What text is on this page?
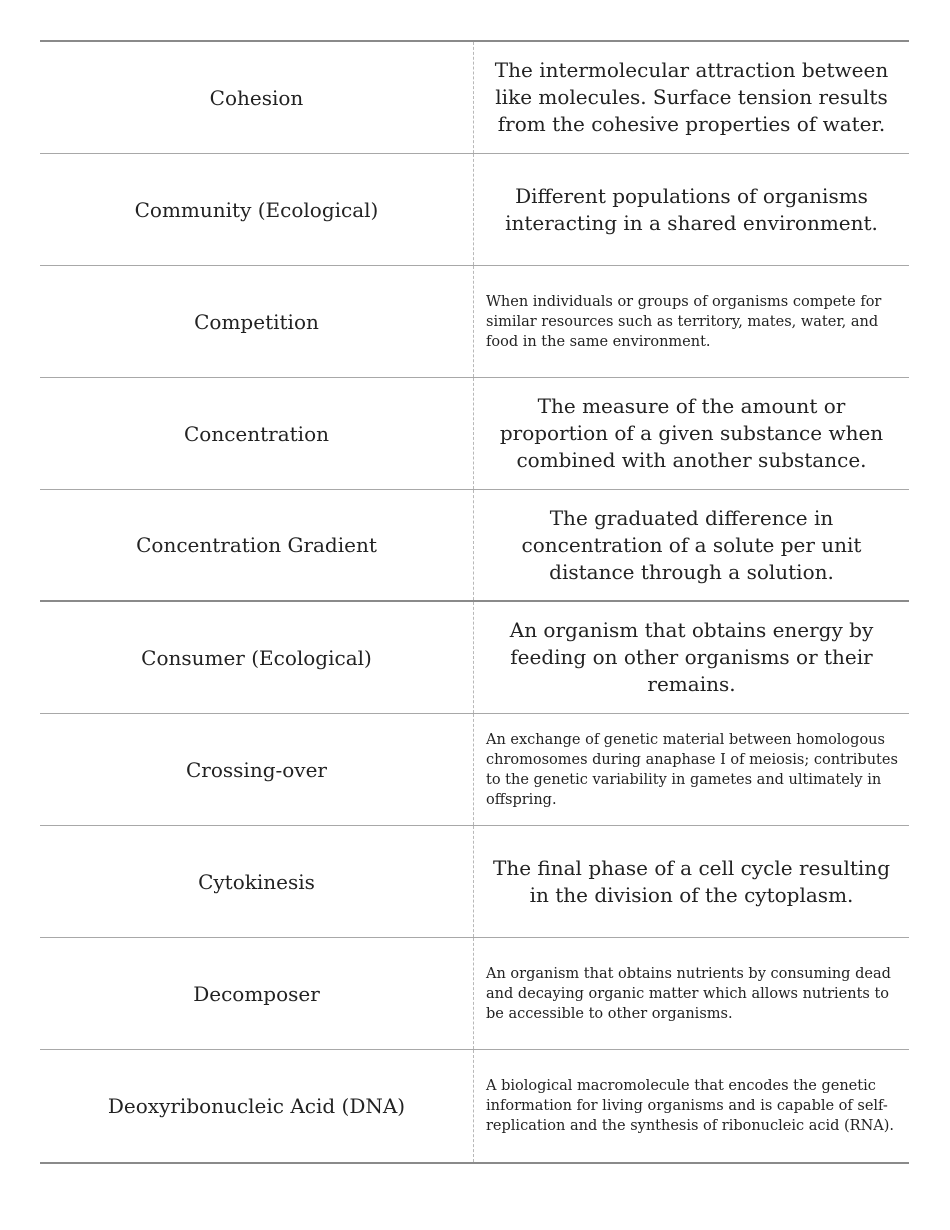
Cohesion
The intermolecular attraction between like molecules. Surface tension results from the cohesive properties of water.
Community (Ecological)
Different populations of organisms interacting in a shared environment.
Competition
When individuals or groups of organisms compete for similar resources such as territory, mates, water, and food in the same environment.
Concentration
The measure of the amount or proportion of a given substance when combined with another substance.
Concentration Gradient
The graduated difference in concentration of a solute per unit distance through a solution.
Consumer (Ecological)
An organism that obtains energy by feeding on other organisms or their remains.
Crossing-over
An exchange of genetic material between homologous chromosomes during anaphase I of meiosis; contributes to the genetic variability in gametes and ultimately in offspring.
Cytokinesis
The final phase of a cell cycle resulting in the division of the cytoplasm.
Decomposer
An organism that obtains nutrients by consuming dead and decaying organic matter which allows nutrients to be accessible to other organisms.
Deoxyribonucleic Acid (DNA)
A biological macromolecule that encodes the genetic information for living organisms and is capable of self-replication and the synthesis of ribonucleic acid (RNA).
